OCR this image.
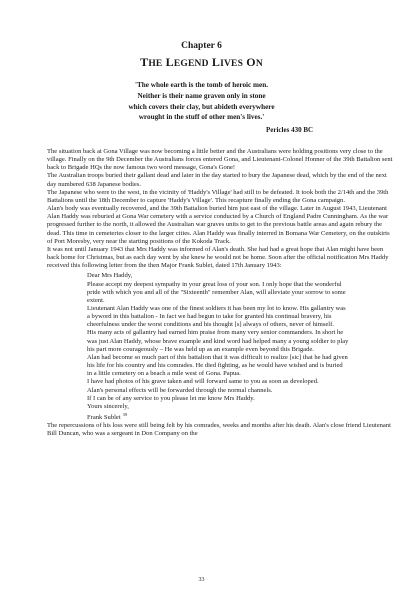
Chapter 6
THE LEGEND LIVES ON
'The whole earth is the tomb of heroic men.
Neither is their name graven only in stone
which covers their clay, but abideth everywhere
wrought in the stuff of other men's lives.'
Pericles 430 BC

The situation back at Gona Village was now becoming a little better and the Australians were holding positions very close to the village. Finally on the 9th December the Australians forces entered Gona, and Lieutenant-Colonel Honner of the 39th Battalion sent back to Brigade HQs the now famous two word message, Gona's Gone!

The Australian troops buried their gallant dead and later in the day started to bury the Japanese dead, which by the end of the next day numbered 638 Japanese bodies.

The Japanese who were to the west, in the vicinity of 'Haddy's Village' had still to be defeated. It took both the 2/14th and the 39th Battalions until the 18th December to capture 'Haddy's Village'. This recapture finally ending the Gona campaign.

Alan's body was eventually recovered, and the 39th Battalion buried him just east of the village. Later in August 1943, Lieutenant Alan Haddy was reburied at Gona War cemetery with a service conducted by a Church of England Padre Cunningham. As the war progressed further to the north, it allowed the Australian war graves units to get to the previous battle areas and again rebury the dead. This time in cemeteries closer to the larger cities. Alan Haddy was finally interred in Bomana War Cemetery, on the outskirts of Port Moresby, very near the starting positions of the Kokoda Track.

It was not until January 1943 that Mrs Haddy was informed of Alan's death. She had had a great hope that Alan might have been back home for Christmas, but as each day went by she knew he would not be home. Soon after the official notification Mrs Haddy received this following letter from the then Major Frank Sublet, dated 17th January 1943:

Dear Mrs Haddy,

Please accept my deepest sympathy in your great loss of your son. I only hope that the wonderful pride with which you and all of the "Sixteenth" remember Alan, will alleviate your sorrow to some extent.

Lieutenant Alan Haddy was one of the finest soldiers it has been my lot to know. His gallantry was a byword in this battalion - In fact we had begun to take for granted his continual bravery, his cheerfulness under the worst conditions and his thought [s] always of others, never of himself.

His many acts of gallantry had earned him praise from many very senior commanders. In short he was just Alan Haddy, whose brave example and kind word had helped many a young soldier to play his part more courageously – He was held up as an example even beyond this Brigade.

Alan had become so much part of this battalion that it was difficult to realize [sic] that he had given his life for his country and his comrades. He died fighting, as he would have wished and is buried in a little cemetery on a beach a mile west of Gona. Papua.

I have had photos of his grave taken and will forward same to you as soon as developed.

Alan's personal effects will be forwarded through the normal channels.

If I can be of any service to you please let me know Mrs Haddy.

Yours sincerely,

Frank Sublet $^{39}$

The repercussions of his loss were still being felt by his comrades, weeks and months after his death. Alan's close friend Lieutenant Bill Duncan, who was a sergeant in Don Company on the

33
